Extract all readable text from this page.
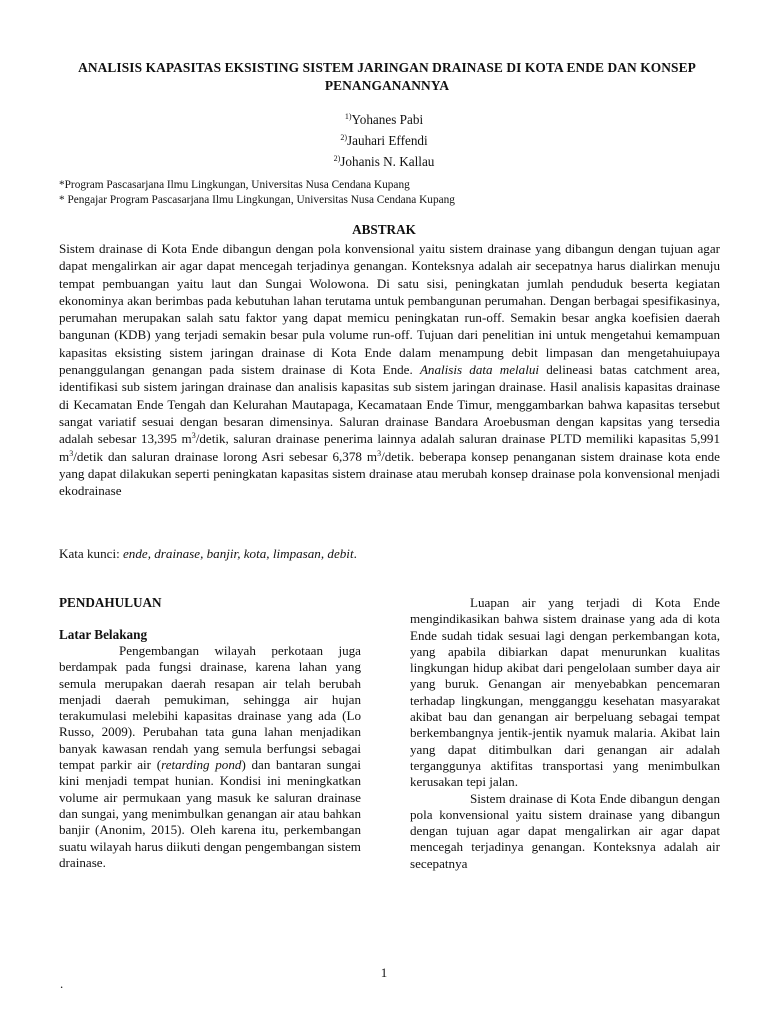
ANALISIS KAPASITAS EKSISTING SISTEM JARINGAN DRAINASE DI KOTA ENDE DAN KONSEP PENANGANANNYA
$^{1)}$Yohanes Pabi
$^{2)}$Jauhari Effendi
$^{2)}$Johanis N. Kallau
*Program Pascasarjana Ilmu Lingkungan, Universitas Nusa Cendana Kupang
* Pengajar Program Pascasarjana Ilmu Lingkungan, Universitas Nusa Cendana Kupang
ABSTRAK

Sistem drainase di Kota Ende dibangun dengan pola konvensional yaitu sistem drainase yang dibangun dengan tujuan agar dapat mengalirkan air agar dapat mencegah terjadinya genangan. Konteksnya adalah air secepatnya harus dialirkan menuju tempat pembuangan yaitu laut dan Sungai Wolowona. Di satu sisi, peningkatan jumlah penduduk beserta kegiatan ekonominya akan berimbas pada kebutuhan lahan terutama untuk pembangunan perumahan. Dengan berbagai spesifikasinya, perumahan merupakan salah satu faktor yang dapat memicu peningkatan run-off. Semakin besar angka koefisien daerah bangunan (KDB) yang terjadi semakin besar pula volume run-off. Tujuan dari penelitian ini untuk mengetahui kemampuan kapasitas eksisting sistem jaringan drainase di Kota Ende dalam menampung debit limpasan dan mengetahuiupaya penanggulangan genangan pada sistem drainase di Kota Ende. Analisis data melalui delineasi batas catchment area, identifikasi sub sistem jaringan drainase dan analisis kapasitas sub sistem jaringan drainase. Hasil analisis kapasitas drainase di Kecamatan Ende Tengah dan Kelurahan Mautapaga, Kecamataan Ende Timur, menggambarkan bahwa kapasitas tersebut sangat variatif sesuai dengan besaran dimensinya. Saluran drainase Bandara Aroebusman dengan kapsitas yang tersedia adalah sebesar 13,395 $m^3$/detik, saluran drainase penerima lainnya adalah saluran drainase PLTD memiliki kapasitas 5,991 $m^3$/detik dan saluran drainase lorong Asri sebesar 6,378 $m^3$/detik. beberapa konsep penanganan sistem drainase kota ende yang dapat dilakukan seperti peningkatan kapasitas sistem drainase atau merubah konsep drainase pola konvensional menjadi ekodrainase

Kata kunci: ende, drainase, banjir, kota, limpasan, debit.
PENDAHULUAN
Latar Belakang

Pengembangan wilayah perkotaan juga berdampak pada fungsi drainase, karena lahan yang semula merupakan daerah resapan air telah berubah menjadi daerah pemukiman, sehingga air hujan terakumulasi melebihi kapasitas drainase yang ada (Lo Russo, 2009). Perubahan tata guna lahan menjadikan banyak kawasan rendah yang semula berfungsi sebagai tempat parkir air (retarding pond) dan bantaran sungai kini menjadi tempat hunian. Kondisi ini meningkatkan volume air permukaan yang masuk ke saluran drainase dan sungai, yang menimbulkan genangan air atau bahkan banjir (Anonim, 2015). Oleh karena itu, perkembangan suatu wilayah harus diikuti dengan pengembangan sistem drainase.

Luapan air yang terjadi di Kota Ende mengindikasikan bahwa sistem drainase yang ada di kota Ende sudah tidak sesuai lagi dengan perkembangan kota, yang apabila dibiarkan dapat menurunkan kualitas lingkungan hidup akibat dari pengelolaan sumber daya air yang buruk. Genangan air menyebabkan pencemaran terhadap lingkungan, mengganggu kesehatan masyarakat akibat bau dan genangan air berpeluang sebagai tempat berkembangnya jentik-jentik nyamuk malaria. Akibat lain yang dapat ditimbulkan dari genangan air adalah terganggunya aktifitas transportasi yang menimbulkan kerusakan tepi jalan.

Sistem drainase di Kota Ende dibangun dengan pola konvensional yaitu sistem drainase yang dibangun dengan tujuan agar dapat mengalirkan air agar dapat mencegah terjadinya genangan. Konteksnya adalah air secepatnya

1
.
